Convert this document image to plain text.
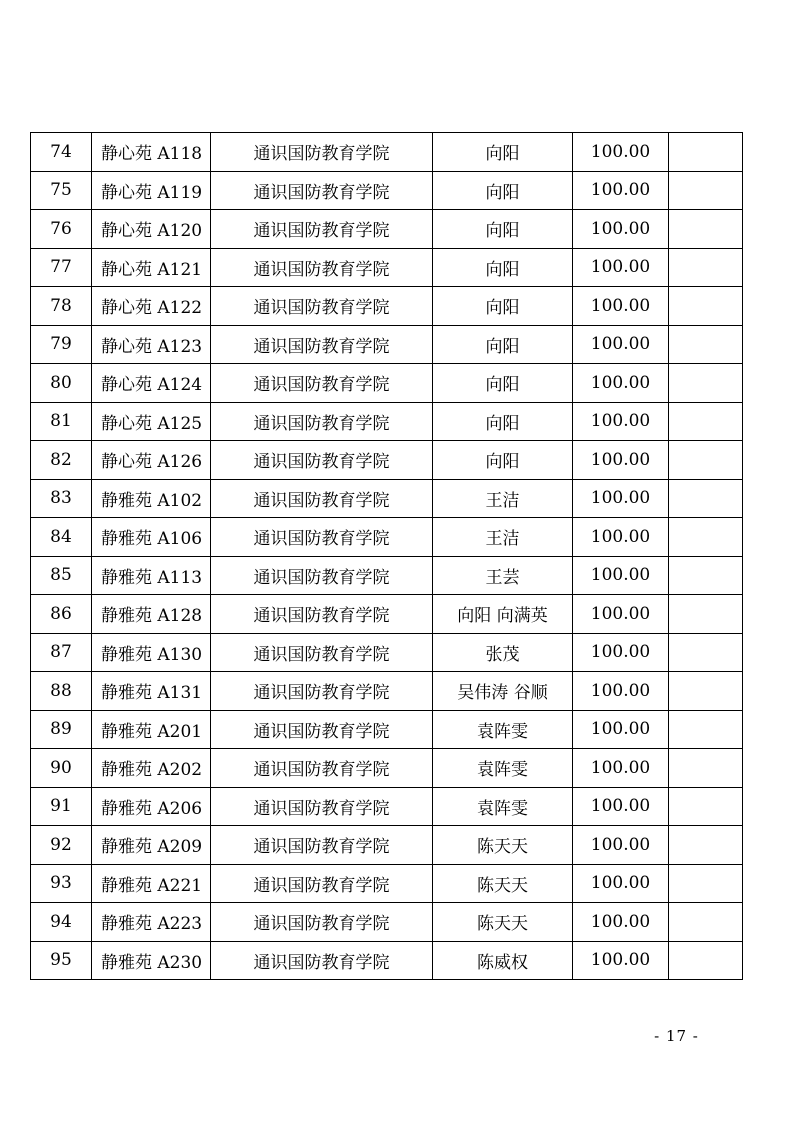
74	静心苑 A118	通识国防教育学院	向阳	100.00	
75	静心苑 A119	通识国防教育学院	向阳	100.00	
76	静心苑 A120	通识国防教育学院	向阳	100.00	
77	静心苑 A121	通识国防教育学院	向阳	100.00	
78	静心苑 A122	通识国防教育学院	向阳	100.00	
79	静心苑 A123	通识国防教育学院	向阳	100.00	
80	静心苑 A124	通识国防教育学院	向阳	100.00	
81	静心苑 A125	通识国防教育学院	向阳	100.00	
82	静心苑 A126	通识国防教育学院	向阳	100.00	
83	静雅苑 A102	通识国防教育学院	王洁	100.00	
84	静雅苑 A106	通识国防教育学院	王洁	100.00	
85	静雅苑 A113	通识国防教育学院	王芸	100.00	
86	静雅苑 A128	通识国防教育学院	向阳 向满英	100.00	
87	静雅苑 A130	通识国防教育学院	张茂	100.00	
88	静雅苑 A131	通识国防教育学院	吴伟涛 谷顺	100.00	
89	静雅苑 A201	通识国防教育学院	袁阵雯	100.00	
90	静雅苑 A202	通识国防教育学院	袁阵雯	100.00	
91	静雅苑 A206	通识国防教育学院	袁阵雯	100.00	
92	静雅苑 A209	通识国防教育学院	陈天天	100.00	
93	静雅苑 A221	通识国防教育学院	陈天天	100.00	
94	静雅苑 A223	通识国防教育学院	陈天天	100.00	
95	静雅苑 A230	通识国防教育学院	陈威权	100.00	
- 17 -
